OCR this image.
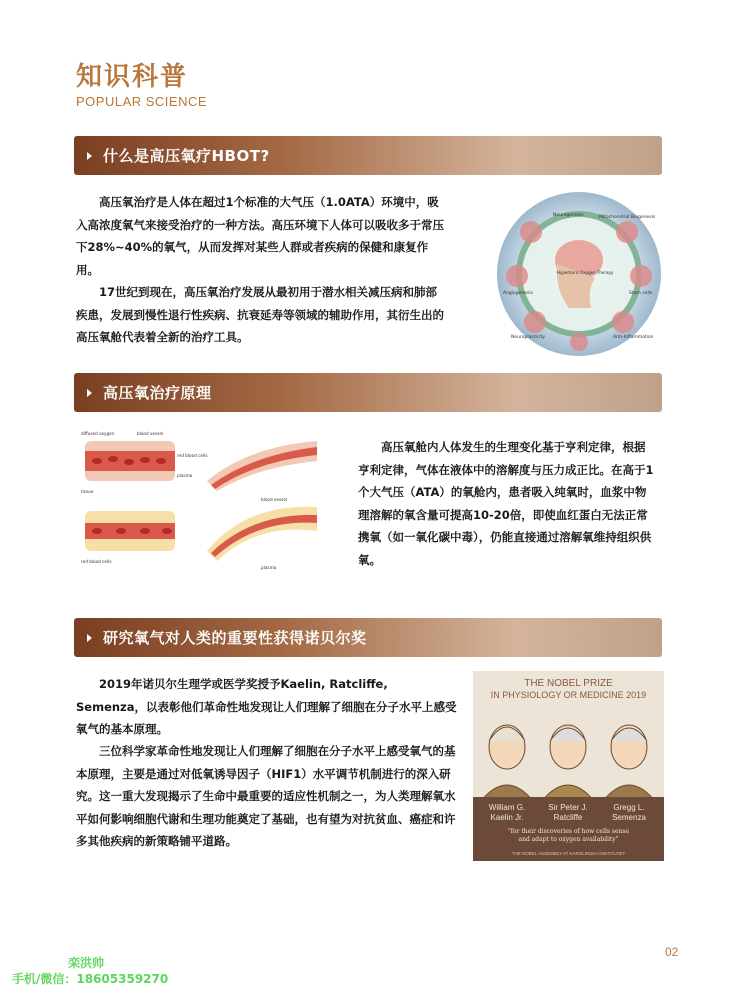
知识科普
POPULAR SCIENCE
什么是高压氧疗HBOT?

高压氧治疗是人体在超过1个标准的大气压（1.0ATA）环境中，吸入高浓度氧气来接受治疗的一种方法。高压环境下人体可以吸收多于常压下28%~40%的氧气，从而发挥对某些人群或者疾病的保健和康复作用。

17世纪到现在，高压氧治疗发展从最初用于潜水相关减压病和肺部疾患，发展到慢性退行性疾病、抗衰延寿等领域的辅助作用，其衍生出的高压氧舱代表着全新的治疗工具。

Neurogenesis	Mitochondrial Biogenesis
Angiogenesis	Stem cells
Neuroplasticity	Anti-Inflammation
Hyperbaric Oxygen Therapy
高压氧治疗原理
diffused oxygen	blood vessel
red blood cells
tissue
plasma
blood vessel
red blood cells
plasma

高压氧舱内人体发生的生理变化基于亨利定律，根据亨利定律，气体在液体中的溶解度与压力成正比。在高于1个大气压（ATA）的氧舱内，患者吸入纯氧时，血浆中物理溶解的氧含量可提高10-20倍，即使血红蛋白无法正常携氧（如一氧化碳中毒），仍能直接通过溶解氧维持组织供氧。

研究氧气对人类的重要性获得诺贝尔奖

2019年诺贝尔生理学或医学奖授予Kaelin, Ratcliffe, Semenza，以表彰他们革命性地发现让人们理解了细胞在分子水平上感受氧气的基本原理。

三位科学家革命性地发现让人们理解了细胞在分子水平上感受氧气的基本原理，主要是通过对低氧诱导因子（HIF1）水平调节机制进行的深入研究。这一重大发现揭示了生命中最重要的适应性机制之一，为人类理解氧水平如何影响细胞代谢和生理功能奠定了基础，也有望为对抗贫血、癌症和许多其他疾病的新策略铺平道路。

THE NOBEL PRIZE
IN PHYSIOLOGY OR MEDICINE 2019
William G.
Kaelin Jr.
Sir Peter J.
Ratcliffe
Gregg L.
Semenza
"for their discoveries of how cells sense
and adapt to oxygen availability"
THE NOBEL ASSEMBLY AT KAROLINSKA INSTITUTET
02
栾洪帅
手机/微信：18605359270
